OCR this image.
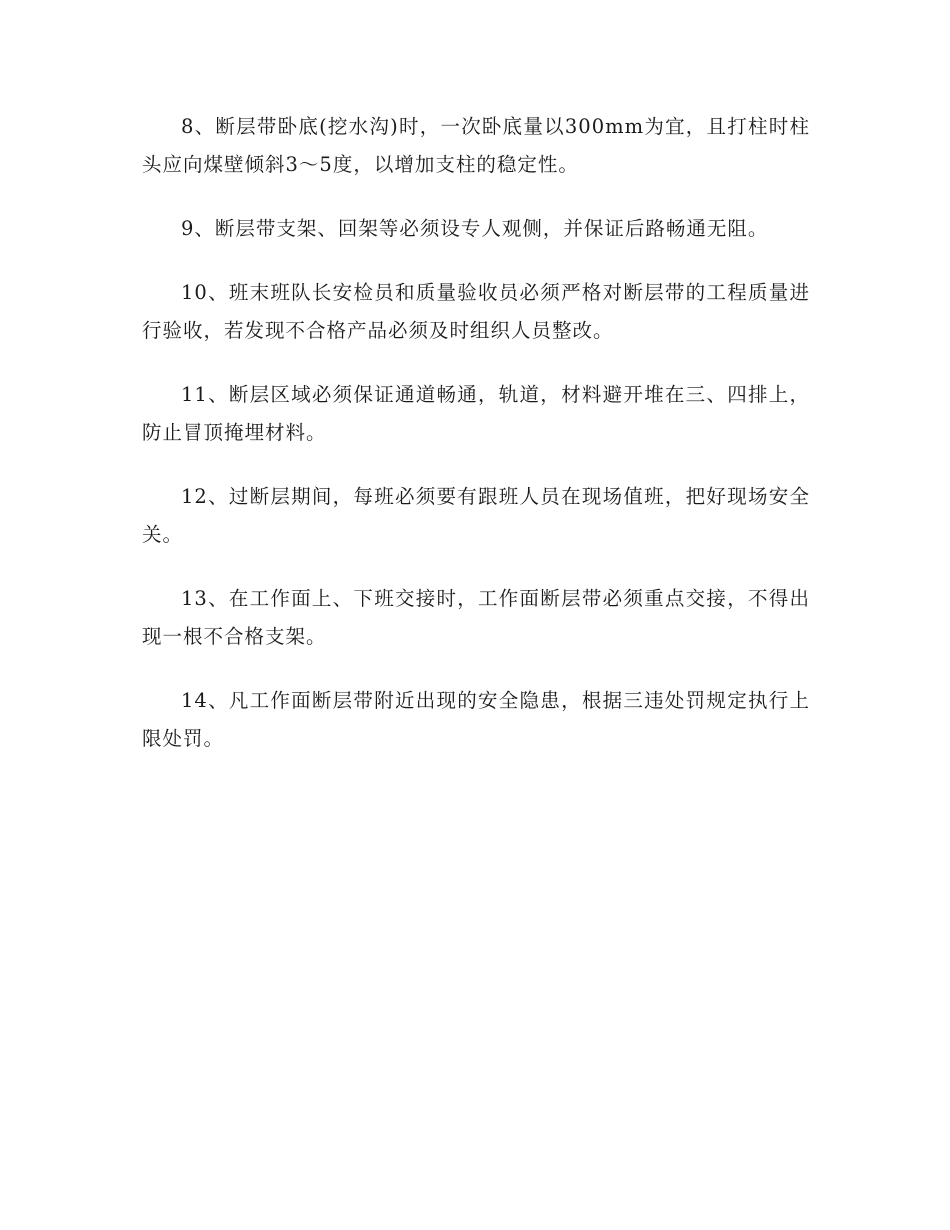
8、断层带卧底(挖水沟)时，一次卧底量以300mm为宜，且打柱时柱头应向煤壁倾斜3～5度，以增加支柱的稳定性。

9、断层带支架、回架等必须设专人观侧，并保证后路畅通无阻。

10、班末班队长安检员和质量验收员必须严格对断层带的工程质量进行验收，若发现不合格产品必须及时组织人员整改。

11、断层区域必须保证通道畅通，轨道，材料避开堆在三、四排上，防止冒顶掩埋材料。

12、过断层期间，每班必须要有跟班人员在现场值班，把好现场安全关。

13、在工作面上、下班交接时，工作面断层带必须重点交接，不得出现一根不合格支架。

14、凡工作面断层带附近出现的安全隐患，根据三违处罚规定执行上限处罚。
